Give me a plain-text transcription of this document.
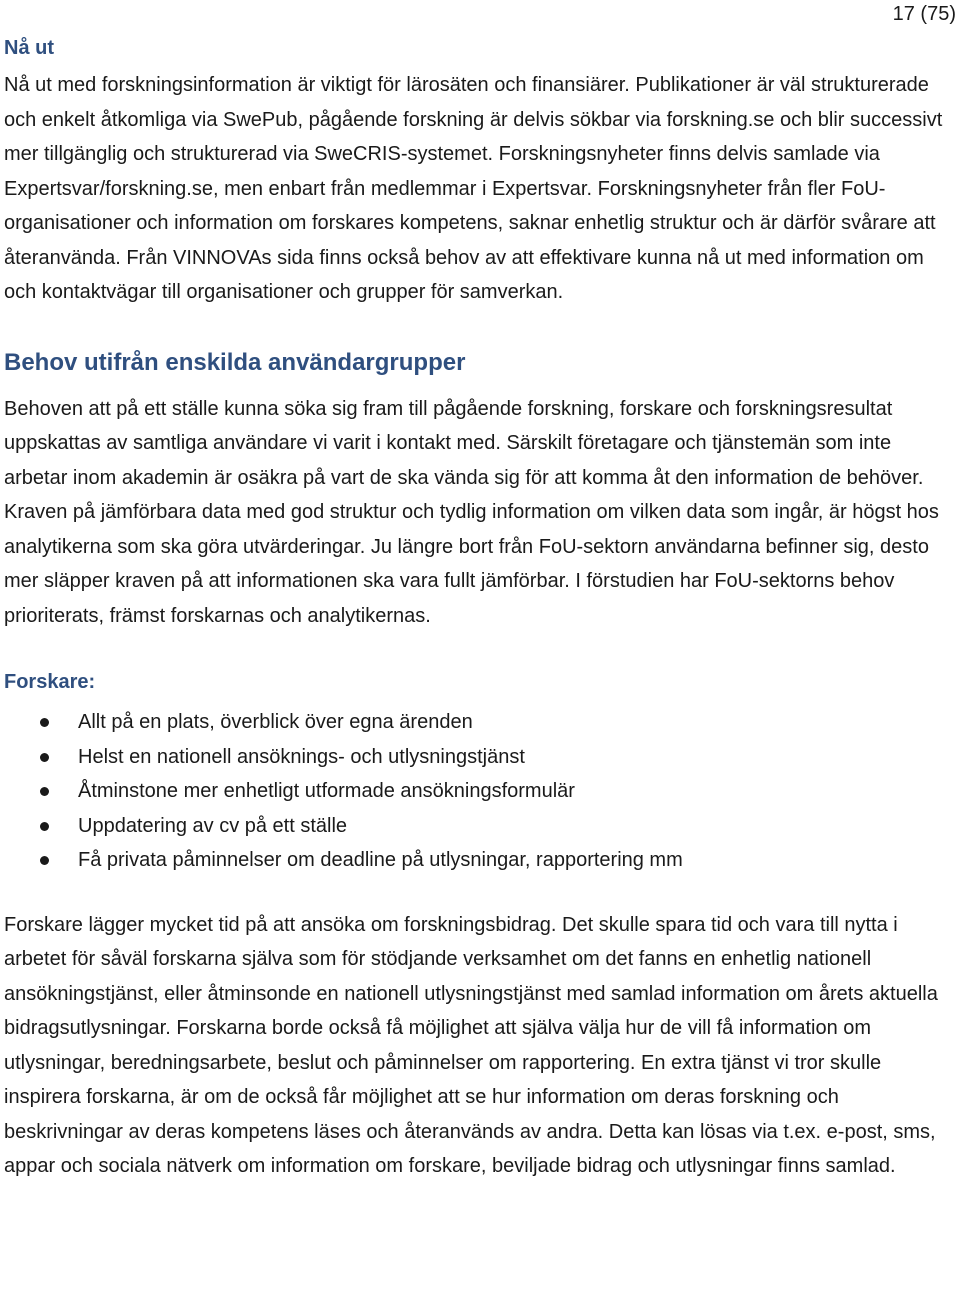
17 (75)
Nå ut

Nå ut med forskningsinformation är viktigt för lärosäten och finansiärer. Publikationer är väl strukturerade och enkelt åtkomliga via SwePub, pågående forskning är delvis sökbar via forskning.se och blir successivt mer tillgänglig och strukturerad via SweCRIS-systemet. Forskningsnyheter finns delvis samlade via Expertsvar/forskning.se, men enbart från medlemmar i Expertsvar. Forskningsnyheter från fler FoU-organisationer och information om forskares kompetens, saknar enhetlig struktur och är därför svårare att återanvända. Från VINNOVAs sida finns också behov av att effektivare kunna nå ut med information om och kontaktvägar till organisationer och grupper för samverkan.

Behov utifrån enskilda användargrupper

Behoven att på ett ställe kunna söka sig fram till pågående forskning, forskare och forskningsresultat uppskattas av samtliga användare vi varit i kontakt med. Särskilt företagare och tjänstemän som inte arbetar inom akademin är osäkra på vart de ska vända sig för att komma åt den information de behöver. Kraven på jämförbara data med god struktur och tydlig information om vilken data som ingår, är högst hos analytikerna som ska göra utvärderingar. Ju längre bort från FoU-sektorn användarna befinner sig, desto mer släpper kraven på att informationen ska vara fullt jämförbar. I förstudien har FoU-sektorns behov prioriterats, främst forskarnas och analytikernas.

Forskare:
Allt på en plats, överblick över egna ärenden
Helst en nationell ansöknings- och utlysningstjänst
Åtminstone mer enhetligt utformade ansökningsformulär
Uppdatering av cv på ett ställe
Få privata påminnelser om deadline på utlysningar, rapportering mm

Forskare lägger mycket tid på att ansöka om forskningsbidrag. Det skulle spara tid och vara till nytta i arbetet för såväl forskarna själva som för stödjande verksamhet om det fanns en enhetlig nationell ansökningstjänst, eller åtminsonde en nationell utlysningstjänst med samlad information om årets aktuella bidragsutlysningar. Forskarna borde också få möjlighet att själva välja hur de vill få information om utlysningar, beredningsarbete, beslut och påminnelser om rapportering. En extra tjänst vi tror skulle inspirera forskarna, är om de också får möjlighet att se hur information om deras forskning och beskrivningar av deras kompetens läses och återanvänds av andra. Detta kan lösas via t.ex. e-post, sms, appar och sociala nätverk om information om forskare, beviljade bidrag och utlysningar finns samlad.
